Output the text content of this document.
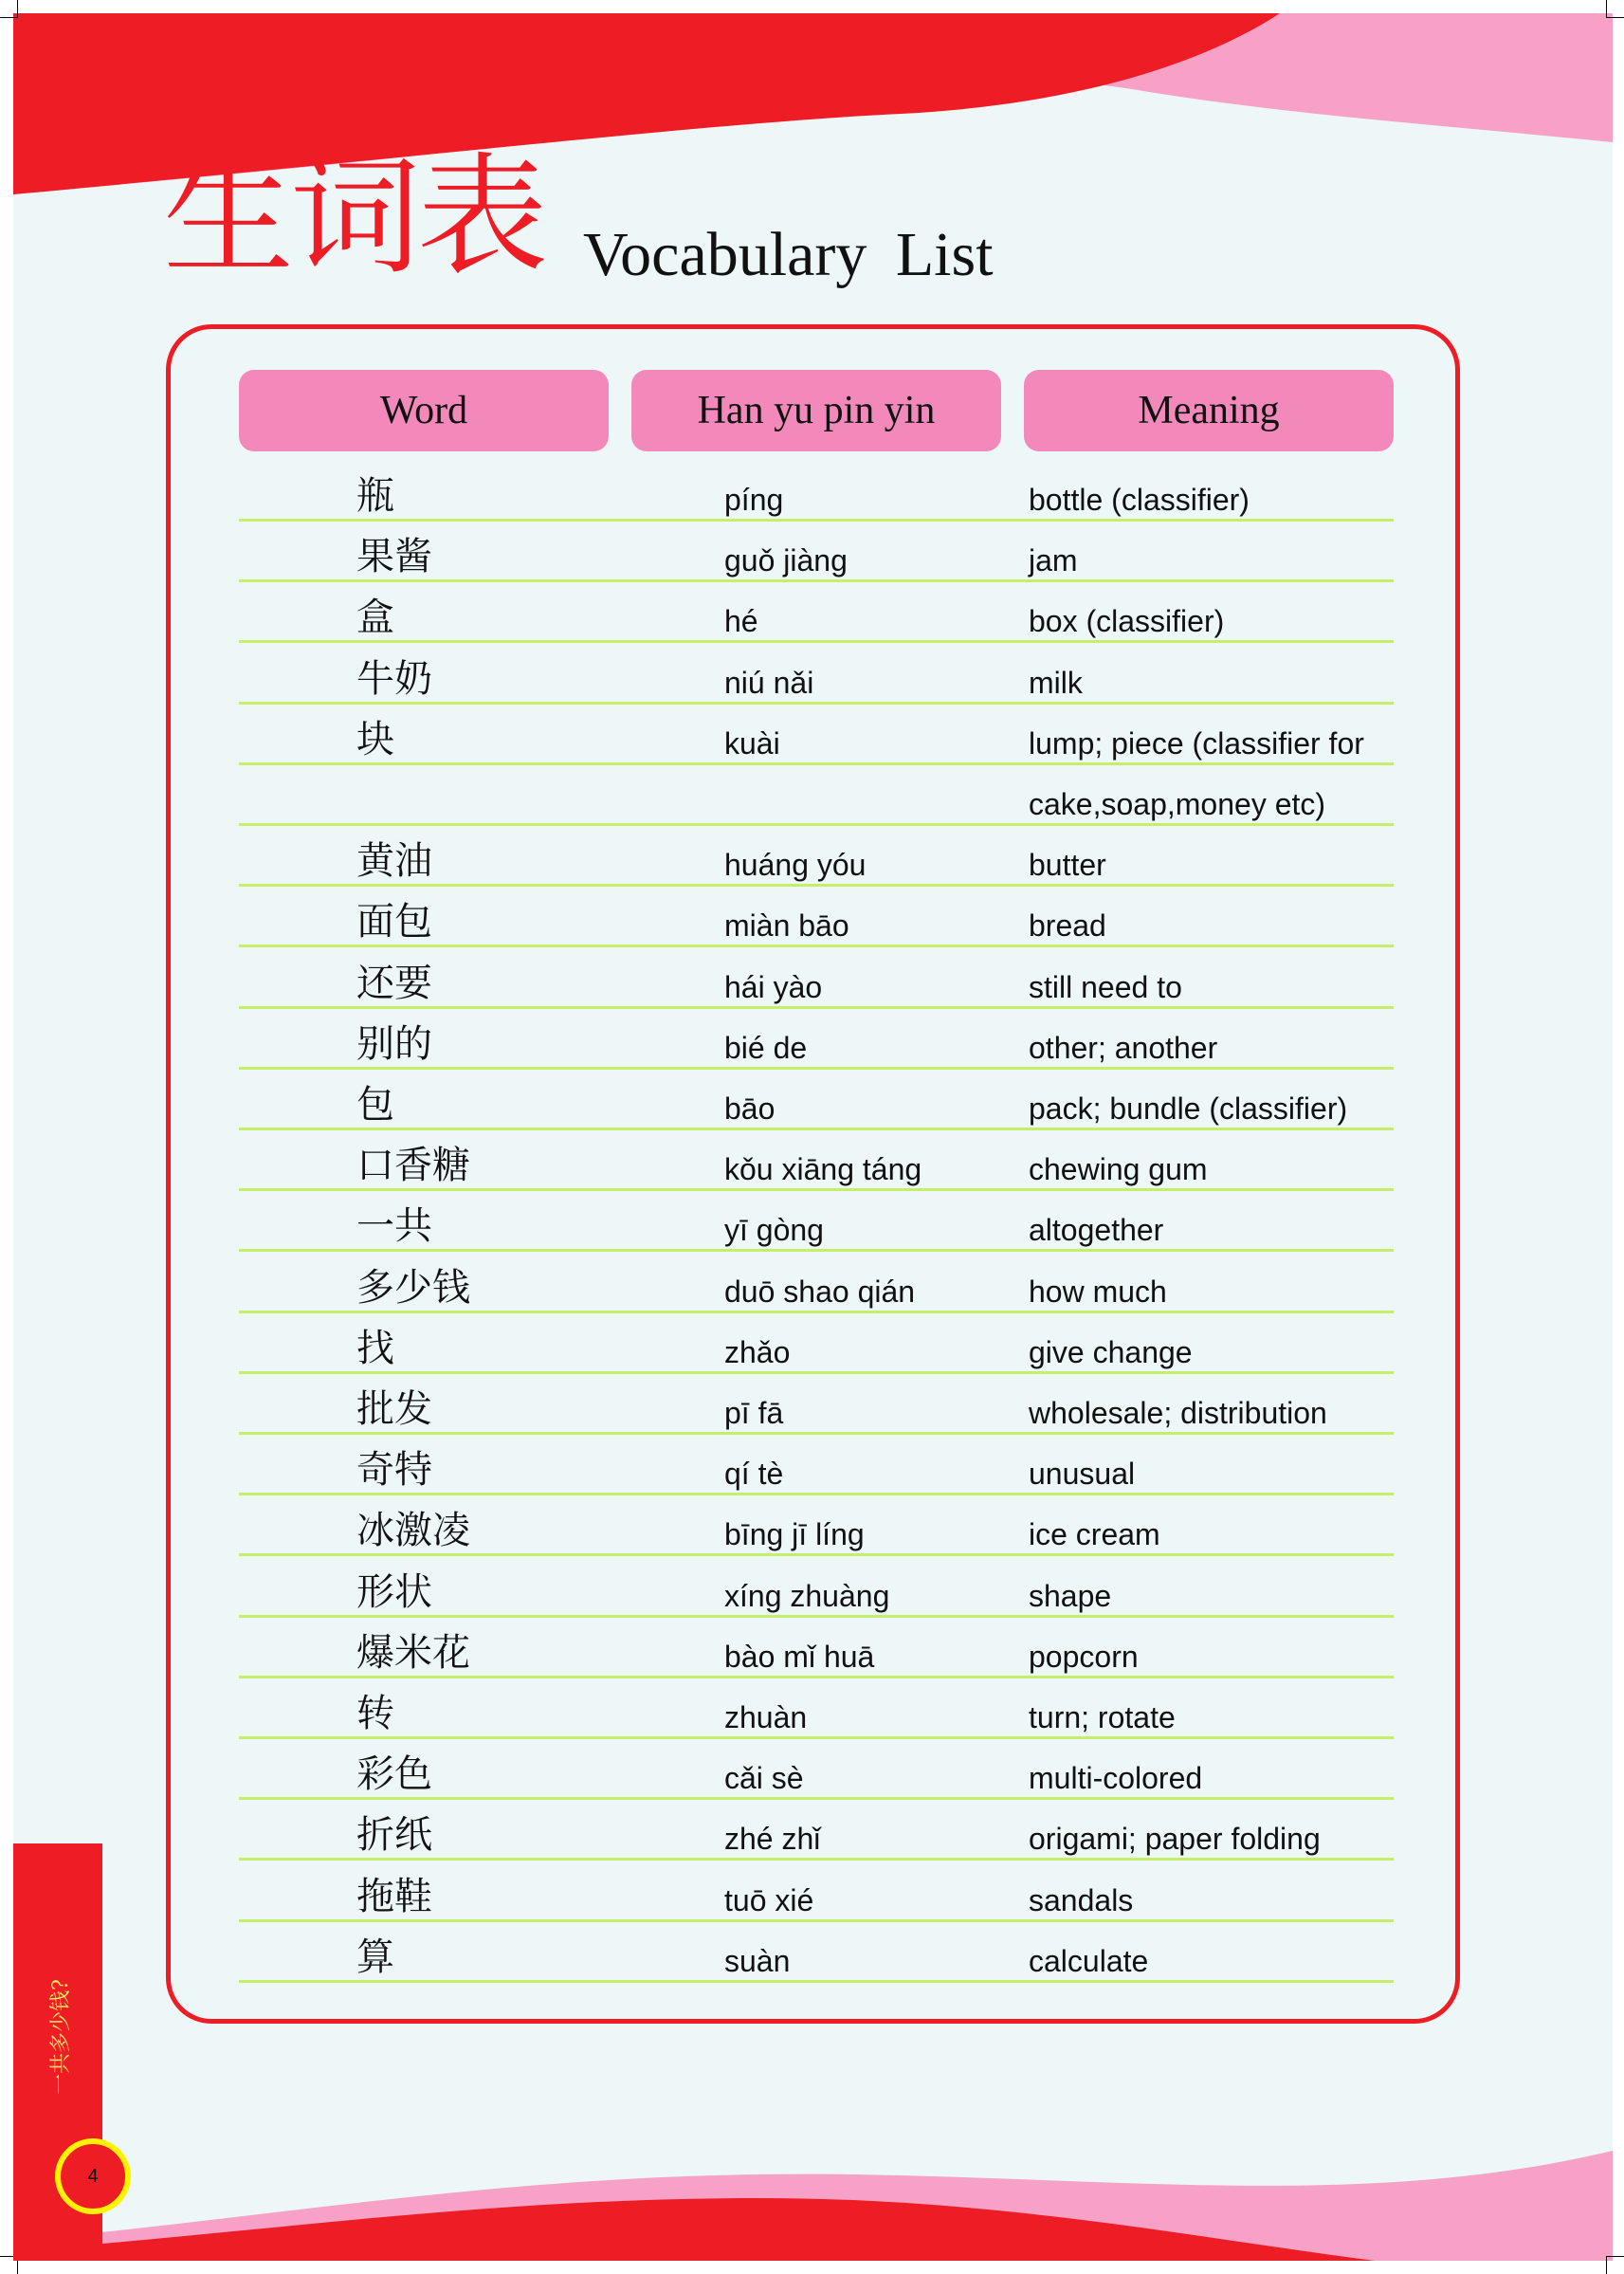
生词表 Vocabulary List
Word	Han yu pin yin	Meaning
瓶	píng	bottle (classifier)
果酱	guǒ jiàng	jam
盒	hé	box (classifier)
牛奶	niú nǎi	milk
块	kuài	lump; piece (classifier for
cake,soap,money etc)
黄油	huáng yóu	butter
面包	miàn bāo	bread
还要	hái yào	still need to
别的	bié de	other; another
包	bāo	pack; bundle (classifier)
口香糖	kǒu xiāng táng	chewing gum
一共	yī gòng	altogether
多少钱	duō shao qián	how much
找	zhǎo	give change
批发	pī fā	wholesale; distribution
奇特	qí tè	unusual
冰激凌	bīng jī líng	ice cream
形状	xíng zhuàng	shape
爆米花	bào mǐ huā	popcorn
转	zhuàn	turn; rotate
彩色	cǎi sè	multi-colored
折纸	zhé zhǐ	origami; paper folding
拖鞋	tuō xié	sandals
算	suàn	calculate
一共多少钱?
4
